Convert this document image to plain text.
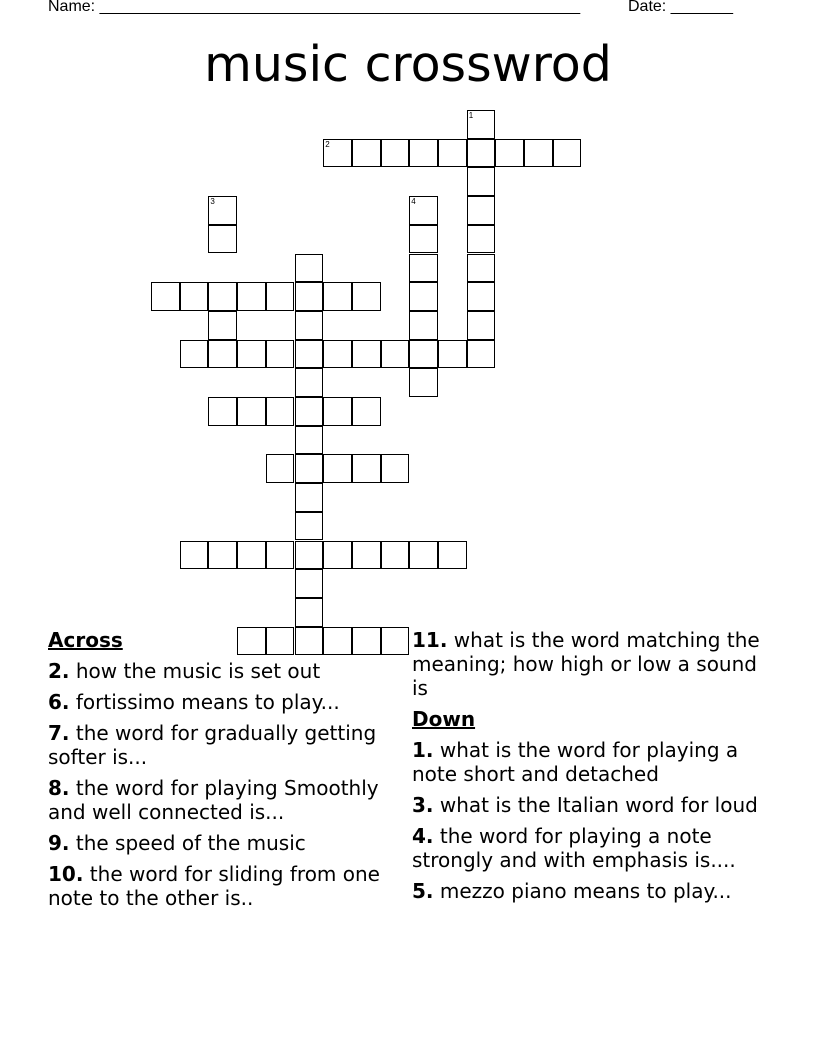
Name: ______________________________________________________	Date: _______
music crosswrod
1
2
3	4
Across
2. how the music is set out
6. fortissimo means to play...
7. the word for gradually getting softer is...
8. the word for playing Smoothly and well connected is...
9. the speed of the music
10. the word for sliding from one note to the other is..
11. what is the word matching the meaning; how high or low a sound is
Down
1. what is the word for playing a note short and detached
3. what is the Italian word for loud
4. the word for playing a note strongly and with emphasis is....
5. mezzo piano means to play...
